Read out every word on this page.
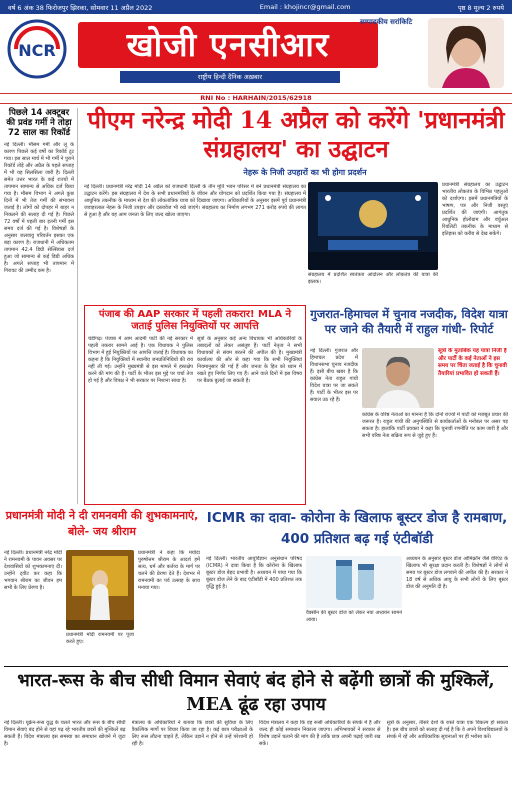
वर्ष 6 अंक 38 फिरोजपुर झिरका, सोमवार 11 अप्रैल 2022	Email : khojincr@gmail.com	पृष्ठ 8 मूल्य 2 रुपये
NCR	खोजी एनसीआर
राष्ट्रीय हिन्दी दैनिक अख़बार
सम्पादकीय सरांकिटि
RNI No : HARHAIN/2015/62918
पिछले 14 अक्टूबर की प्रवंड गर्मी ने तोड़ा 72 साल का रिकॉर्ड
नई दिल्ली। मौसम गर्मी और लू के कारण पिछले कई वर्षों का रिकॉर्ड टूट गया। इस साल मार्च में भी गर्मी ने पुराने रिकॉर्ड तोड़े और अप्रैल के पहले सप्ताह में भी यह सिलसिला जारी है। दिल्ली समेत उत्तर भारत के कई राज्यों में तापमान सामान्य से अधिक दर्ज किया गया है। मौसम विभाग ने अगले कुछ दिनों में भी तेज गर्मी की संभावना जताई है। लोगों को दोपहर में बाहर न निकलने की सलाह दी गई है। पिछले 72 वर्षों में पहली बार इतनी गर्मी इस समय दर्ज की गई है। विशेषज्ञों के अनुसार जलवायु परिवर्तन इसका एक बड़ा कारण है। राजधानी में अधिकतम तापमान 42.4 डिग्री सेल्सियस दर्ज हुआ जो सामान्य से कई डिग्री अधिक है। अगले सप्ताह भी तापमान में गिरावट की उम्मीद कम है।
पीएम नरेन्द्र मोदी 14 अप्रैल को करेंगे 'प्रधानमंत्री संग्रहालय' का उद्घाटन
नेहरू के निजी उपहारों का भी होगा प्रदर्शन
नई दिल्ली। प्रधानमंत्री नरेंद्र मोदी 14 अप्रैल को राजधानी दिल्ली के तीन मूर्ति भवन परिसर में बने प्रधानमंत्री संग्रहालय का उद्घाटन करेंगे। इस संग्रहालय में देश के सभी प्रधानमंत्रियों के जीवन और योगदान को प्रदर्शित किया गया है। संग्रहालय में आधुनिक तकनीक के माध्यम से देश की लोकतांत्रिक यात्रा को दिखाया जाएगा। अधिकारियों के अनुसार इसमें पूर्व प्रधानमंत्री जवाहरलाल नेहरू के निजी उपहार और दस्तावेज भी रखे जाएंगे। संग्रहालय का निर्माण लगभग 271 करोड़ रुपये की लागत से हुआ है और यह आम जनता के लिए जल्द खोला जाएगा।
संग्रहालय में प्रदर्शित स्वतंत्रता आंदोलन और लोकतंत्र की यात्रा की झलक।
प्रधानमंत्री संग्रहालय का उद्घाटन भारतीय लोकतंत्र के विभिन्न पहलुओं को दर्शाएगा। इसमें प्रधानमंत्रियों के भाषण, पत्र और निजी वस्तुएं प्रदर्शित की जाएंगी। आगंतुक आधुनिक होलोग्राम और वर्चुअल रियलिटी तकनीक के माध्यम से इतिहास को करीब से देख सकेंगे।
पंजाब की AAP सरकार में पहली तकरार! MLA ने जताई पुलिस नियुक्तियों पर आपत्ति
चंडीगढ़। पंजाब में आम आदमी पार्टी की नई सरकार में पहली तकरार सामने आई है। एक विधायक ने पुलिस विभाग में हुई नियुक्तियों पर आपत्ति जताई है। विधायक का कहना है कि नियुक्तियों में स्थानीय जनप्रतिनिधियों की राय नहीं ली गई। उन्होंने मुख्यमंत्री से इस मामले में हस्तक्षेप करने की मांग की है। पार्टी के भीतर इस मुद्दे पर चर्चा तेज हो गई है और विपक्ष ने भी सरकार पर निशाना साधा है।
सूत्रों के अनुसार कई अन्य विधायक भी अधिकारियों के तबादलों को लेकर असंतुष्ट हैं। पार्टी नेतृत्व ने सभी विधायकों से संयम बरतने की अपील की है। मुख्यमंत्री कार्यालय की ओर से कहा गया कि सभी नियुक्तियां नियमानुसार की गई हैं और जनता के हित को ध्यान में रखते हुए निर्णय लिए गए हैं। आने वाले दिनों में इस विषय पर बैठक बुलाई जा सकती है।
गुजरात-हिमाचल में चुनाव नजदीक, विदेश यात्रा पर जाने की तैयारी में राहुल गांधी- रिपोर्ट
नई दिल्ली। गुजरात और हिमाचल प्रदेश में विधानसभा चुनाव नजदीक हैं। इसी बीच खबर है कि कांग्रेस नेता राहुल गांधी विदेश यात्रा पर जा सकते हैं। पार्टी के भीतर इस पर सवाल उठ रहे हैं।
सूत्रों के मुताबिक यह यात्रा निजी है और पार्टी के कई नेताओं ने इस समय पर चिंता जताई है कि चुनावी तैयारियां प्रभावित हो सकती हैं।
कांग्रेस के वरिष्ठ नेताओं का मानना है कि दोनों राज्यों में पार्टी को मजबूत प्रचार की जरूरत है। राहुल गांधी की अनुपस्थिति से कार्यकर्ताओं के मनोबल पर असर पड़ सकता है। हालांकि पार्टी प्रवक्ता ने कहा कि चुनावी रणनीति पर काम जारी है और सभी वरिष्ठ नेता सक्रिय रूप से जुड़े हुए हैं।
प्रधानमंत्री मोदी ने दी रामनवमी की शुभकामनाएं, बोले- जय श्रीराम
नई दिल्ली। प्रधानमंत्री नरेंद्र मोदी ने रामनवमी के पावन अवसर पर देशवासियों को शुभकामनाएं दीं। उन्होंने ट्वीट कर कहा कि भगवान श्रीराम का जीवन हम सभी के लिए प्रेरणा है।
प्रधानमंत्री मोदी रामनवमी पर पूजा करते हुए।
प्रधानमंत्री ने कहा कि मर्यादा पुरुषोत्तम श्रीराम के आदर्श हमें सत्य, धर्म और कर्तव्य के मार्ग पर चलने की प्रेरणा देते हैं। देशभर में रामनवमी का पर्व उत्साह के साथ मनाया गया।
ICMR का दावा- कोरोना के खिलाफ बूस्टर डोज है रामबाण, 400 प्रतिशत बढ़ गई एंटीबॉडी
नई दिल्ली। भारतीय आयुर्विज्ञान अनुसंधान परिषद (ICMR) ने दावा किया है कि कोरोना के खिलाफ बूस्टर डोज बेहद प्रभावी है। अध्ययन में पाया गया कि बूस्टर डोज लेने के बाद एंटीबॉडी में 400 प्रतिशत तक वृद्धि हुई है।
वैक्सीन की बूस्टर डोज को लेकर नया अध्ययन सामने आया।
अध्ययन के अनुसार बूस्टर डोज ओमिक्रॉन जैसे वेरिएंट के खिलाफ भी सुरक्षा प्रदान करती है। विशेषज्ञों ने लोगों से समय पर बूस्टर डोज लगवाने की अपील की है। सरकार ने 18 वर्ष से अधिक आयु के सभी लोगों के लिए बूस्टर डोज की अनुमति दी है।
भारत-रूस के बीच सीधी विमान सेवाएं बंद होने से बढ़ेंगी छात्रों की मुश्किलें, MEA ढूंढ रहा उपाय
नई दिल्ली। यूक्रेन-रूस युद्ध के चलते भारत और रूस के बीच सीधी विमान सेवाएं बंद होने से वहां पढ़ रहे भारतीय छात्रों की मुश्किलें बढ़ सकती हैं। विदेश मंत्रालय इस समस्या का समाधान खोजने में जुटा है।
मंत्रालय के अधिकारियों ने बताया कि छात्रों की सुविधा के लिए वैकल्पिक मार्गों पर विचार किया जा रहा है। कई छात्र परीक्षाओं के लिए रूस लौटना चाहते हैं, लेकिन उड़ानें न होने से उन्हें परेशानी हो रही है।
विदेश मंत्रालय ने कहा कि वह रूसी अधिकारियों के संपर्क में है और जल्द ही कोई समाधान निकाला जाएगा। अभिभावकों ने सरकार से विशेष उड़ानें चलाने की मांग की है ताकि छात्र अपनी पढ़ाई जारी रख सकें।
सूत्रों के अनुसार, तीसरे देशों के रास्ते यात्रा एक विकल्प हो सकता है। इस बीच छात्रों को सलाह दी गई है कि वे अपने विश्वविद्यालयों के संपर्क में रहें और आधिकारिक सूचनाओं पर ही भरोसा करें।
